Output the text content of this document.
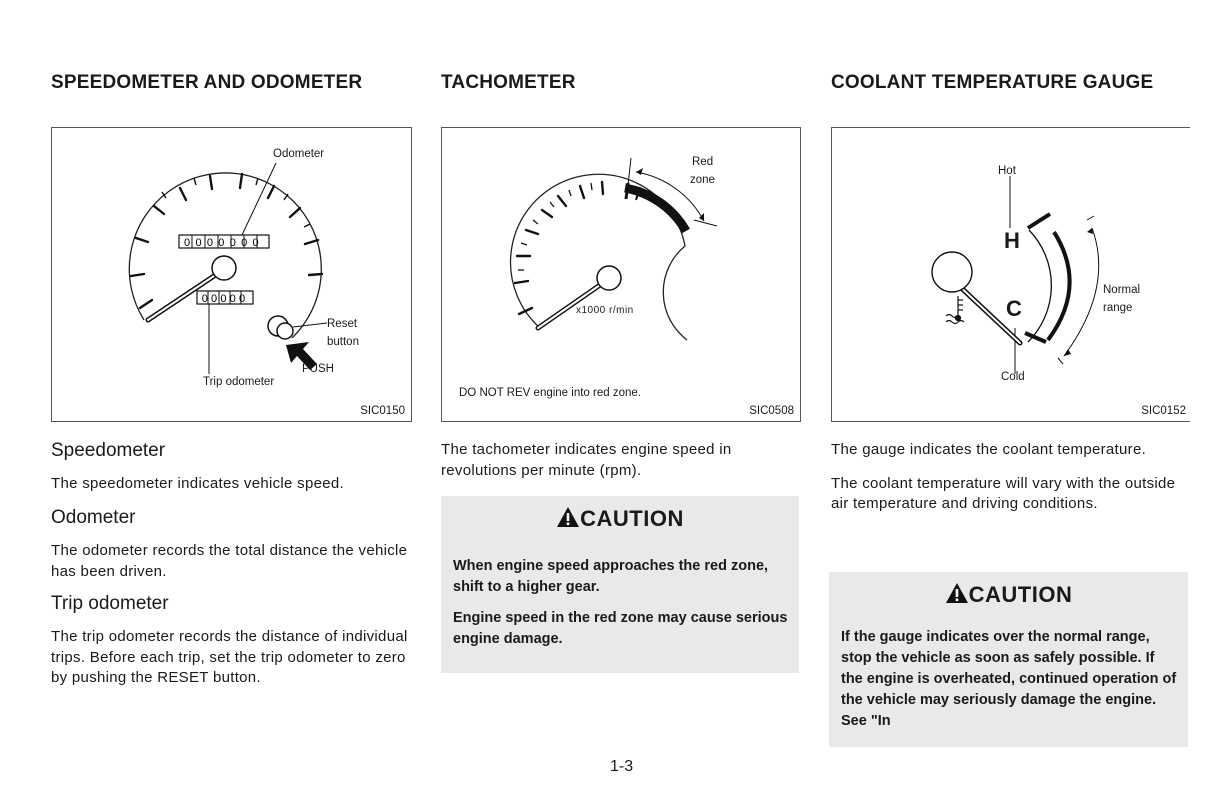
SPEEDOMETER AND ODOMETER
0000000
00000
Odometer
Reset
button
PUSH
Trip odometer
SIC0150
Speedometer

The speedometer indicates vehicle speed.

Odometer

The odometer records the total distance the vehicle has been driven.

Trip odometer

The trip odometer records the distance of individual trips. Before each trip, set the trip odometer to zero by pushing the RESET button.

TACHOMETER
Red
zone
x1000 r/min
DO NOT REV engine into red zone.
SIC0508

The tachometer indicates engine speed in revolutions per minute (rpm).

CAUTION

When engine speed approaches the red zone, shift to a higher gear.

Engine speed in the red zone may cause serious engine damage.

COOLANT TEMPERATURE GAUGE
Hot
H
C
Cold
Normal
range
SIC0152

The gauge indicates the coolant temperature.

The coolant temperature will vary with the outside air temperature and driving conditions.

CAUTION

If the gauge indicates over the normal range, stop the vehicle as soon as safely possible. If the engine is overheated, continued operation of the vehicle may seriously damage the engine. See "In

1-3
